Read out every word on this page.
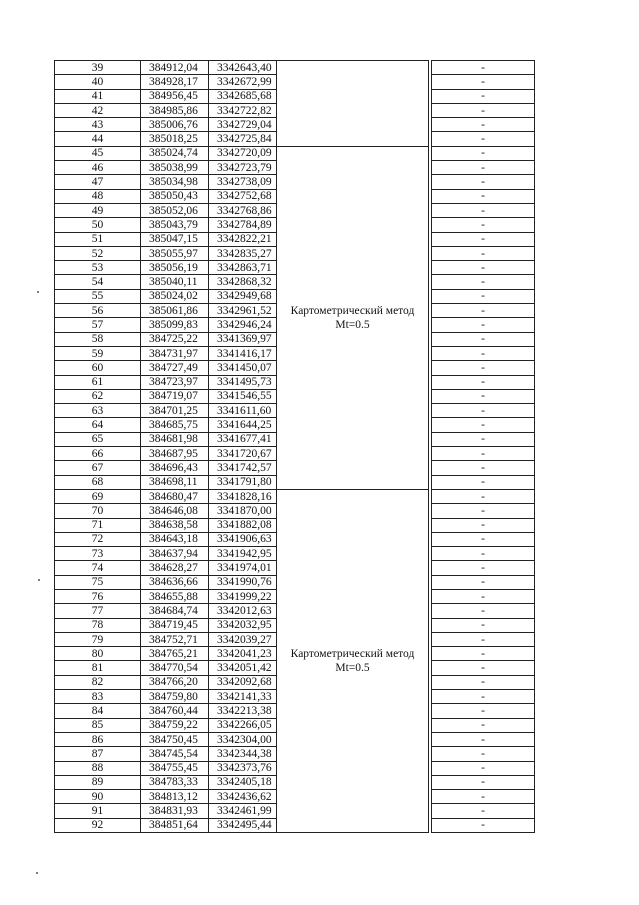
39	384912,04	3342643,40			-
40	384928,17	3342672,99			-
41	384956,45	3342685,68			-
42	384985,86	3342722,82			-
43	385006,76	3342729,04			-
44	385018,25	3342725,84			-
45	385024,74	3342720,09	Картометрический метод Mt=0.5		-
46	385038,99	3342723,79			-
47	385034,98	3342738,09			-
48	385050,43	3342752,68			-
49	385052,06	3342768,86			-
50	385043,79	3342784,89			-
51	385047,15	3342822,21			-
52	385055,97	3342835,27			-
53	385056,19	3342863,71			-
54	385040,11	3342868,32			-
55	385024,02	3342949,68			-
56	385061,86	3342961,52			-
57	385099,83	3342946,24			-
58	384725,22	3341369,97			-
59	384731,97	3341416,17			-
60	384727,49	3341450,07			-
61	384723,97	3341495,73			-
62	384719,07	3341546,55			-
63	384701,25	3341611,60			-
64	384685,75	3341644,25			-
65	384681,98	3341677,41			-
66	384687,95	3341720,67			-
67	384696,43	3341742,57			-
68	384698,11	3341791,80			-
69	384680,47	3341828,16	Картометрический метод Mt=0.5		-
70	384646,08	3341870,00			-
71	384638,58	3341882,08			-
72	384643,18	3341906,63			-
73	384637,94	3341942,95			-
74	384628,27	3341974,01			-
75	384636,66	3341990,76			-
76	384655,88	3341999,22			-
77	384684,74	3342012,63			-
78	384719,45	3342032,95			-
79	384752,71	3342039,27			-
80	384765,21	3342041,23			-
81	384770,54	3342051,42			-
82	384766,20	3342092,68			-
83	384759,80	3342141,33			-
84	384760,44	3342213,38			-
85	384759,22	3342266,05			-
86	384750,45	3342304,00			-
87	384745,54	3342344,38			-
88	384755,45	3342373,76			-
89	384783,33	3342405,18			-
90	384813,12	3342436,62			-
91	384831,93	3342461,99			-
92	384851,64	3342495,44			-
